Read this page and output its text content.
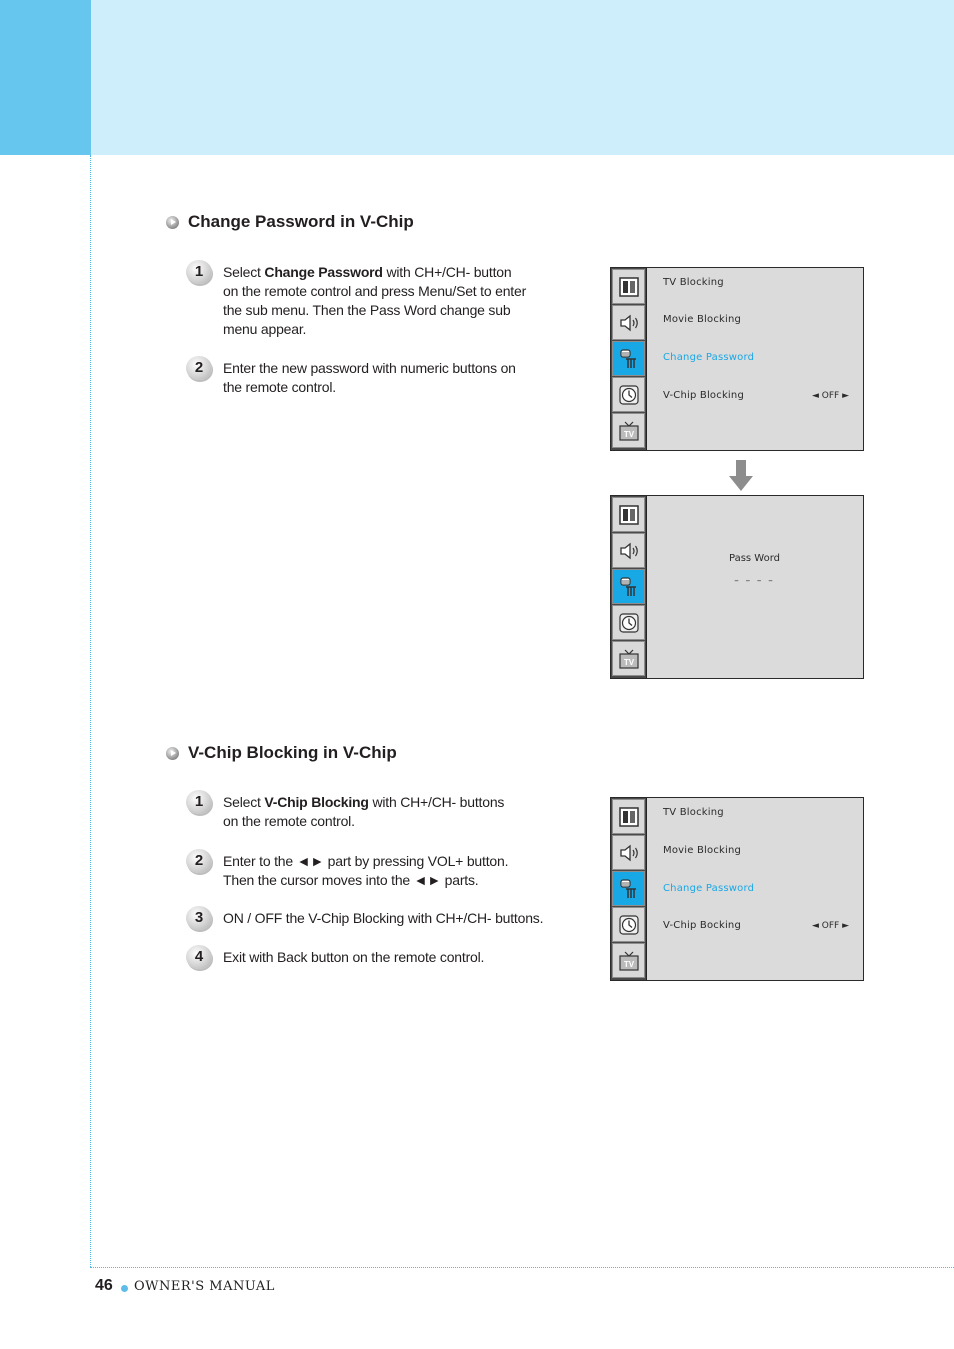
Change Password in V-Chip
1	Select Change Password with CH+/CH- button
on the remote control and press Menu/Set to enter
the sub menu. Then the Pass Word change sub
menu appear.
2	Enter the new password with numeric buttons on
the remote control.
TV
TV Blocking
Movie Blocking
Change Password
V-Chip Blocking	◄ OFF ►
TV
Pass Word
– – – –
V-Chip Blocking in V-Chip
1	Select V-Chip Blocking with CH+/CH- buttons
on the remote control.
2	Enter to the ◄► part by pressing VOL+ button.
Then the cursor moves into the ◄► parts.
3	ON / OFF the V-Chip Blocking with CH+/CH- buttons.
4	Exit with Back button on the remote control.	TV
TV Blocking
Movie Blocking
Change Password
V-Chip Bocking	◄ OFF ►
46 OWNER'S MANUAL
